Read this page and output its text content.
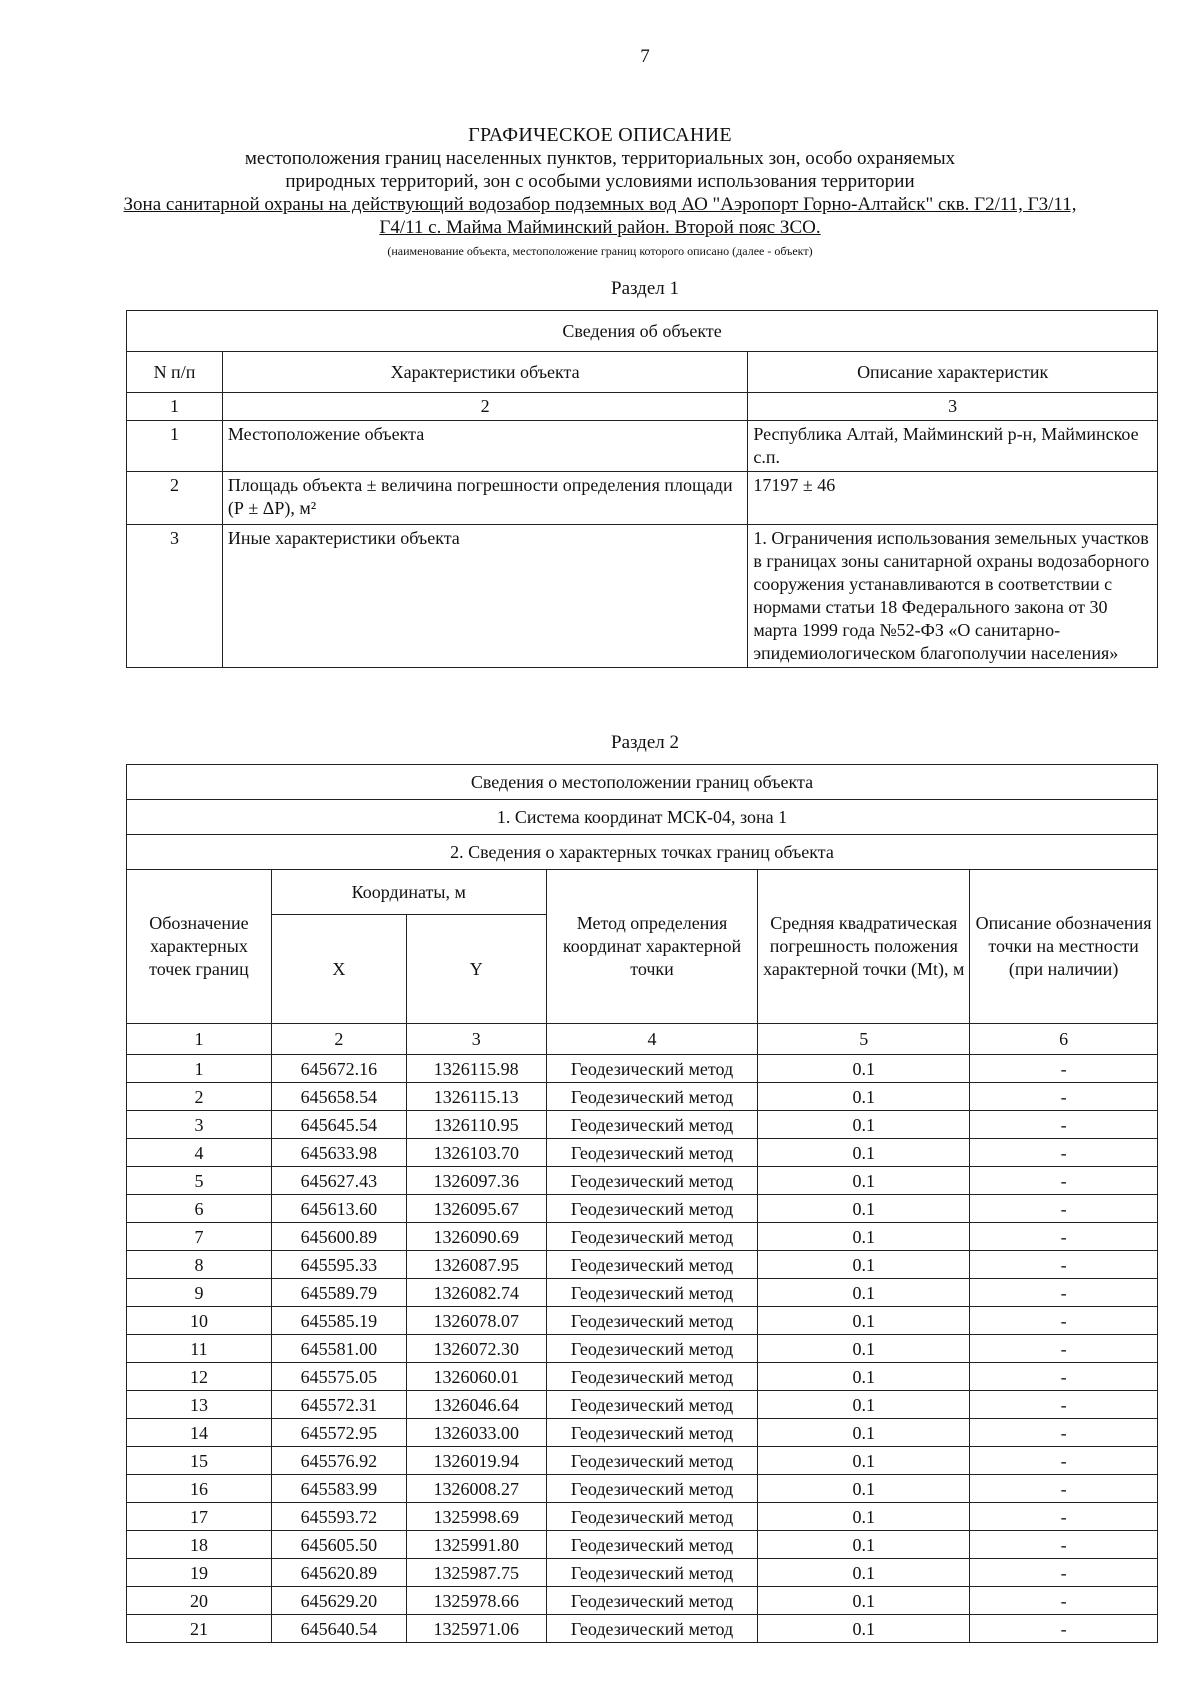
7
ГРАФИЧЕСКОЕ ОПИСАНИЕ
местоположения границ населенных пунктов, территориальных зон, особо охраняемых
природных территорий, зон с особыми условиями использования территории
Зона санитарной охраны на действующий водозабор подземных вод АО "Аэропорт Горно-Алтайск" скв. Г2/11, Г3/11,
Г4/11 с. Майма Майминский район. Второй пояс ЗСО.
(наименование объекта, местоположение границ которого описано (далее - объект)
Раздел 1
Сведения об объекте		
N п/п	Характеристики объекта	Описание характеристик
1	2	3
1	Местоположение объекта	Республика Алтай, Майминский р-н, Майминское с.п.
2	Площадь объекта ± величина погрешности определения площади (Р ± ΔР), м²	17197 ± 46
3	Иные характеристики объекта	1. Ограничения использования земельных участков в границах зоны санитарной охраны водозаборного сооружения устанавливаются в соответствии с нормами статьи 18 Федерального закона от 30 марта 1999 года №52-ФЗ «О санитарно-эпидемиологическом благополучии населения»
Раздел 2
Сведения о местоположении границ объекта					
1. Система координат МСК-04, зона 1					
2. Сведения о характерных точках границ объекта					
Обозначение характерных точек границ	Координаты, м		Метод определения координат характерной точки	Средняя квадратическая погрешность положения характерной точки (Mt), м	Описание обозначения точки на местности (при наличии)
	X	Y			
1	2	3	4	5	6
1	645672.16	1326115.98	Геодезический метод	0.1	-
2	645658.54	1326115.13	Геодезический метод	0.1	-
3	645645.54	1326110.95	Геодезический метод	0.1	-
4	645633.98	1326103.70	Геодезический метод	0.1	-
5	645627.43	1326097.36	Геодезический метод	0.1	-
6	645613.60	1326095.67	Геодезический метод	0.1	-
7	645600.89	1326090.69	Геодезический метод	0.1	-
8	645595.33	1326087.95	Геодезический метод	0.1	-
9	645589.79	1326082.74	Геодезический метод	0.1	-
10	645585.19	1326078.07	Геодезический метод	0.1	-
11	645581.00	1326072.30	Геодезический метод	0.1	-
12	645575.05	1326060.01	Геодезический метод	0.1	-
13	645572.31	1326046.64	Геодезический метод	0.1	-
14	645572.95	1326033.00	Геодезический метод	0.1	-
15	645576.92	1326019.94	Геодезический метод	0.1	-
16	645583.99	1326008.27	Геодезический метод	0.1	-
17	645593.72	1325998.69	Геодезический метод	0.1	-
18	645605.50	1325991.80	Геодезический метод	0.1	-
19	645620.89	1325987.75	Геодезический метод	0.1	-
20	645629.20	1325978.66	Геодезический метод	0.1	-
21	645640.54	1325971.06	Геодезический метод	0.1	-
